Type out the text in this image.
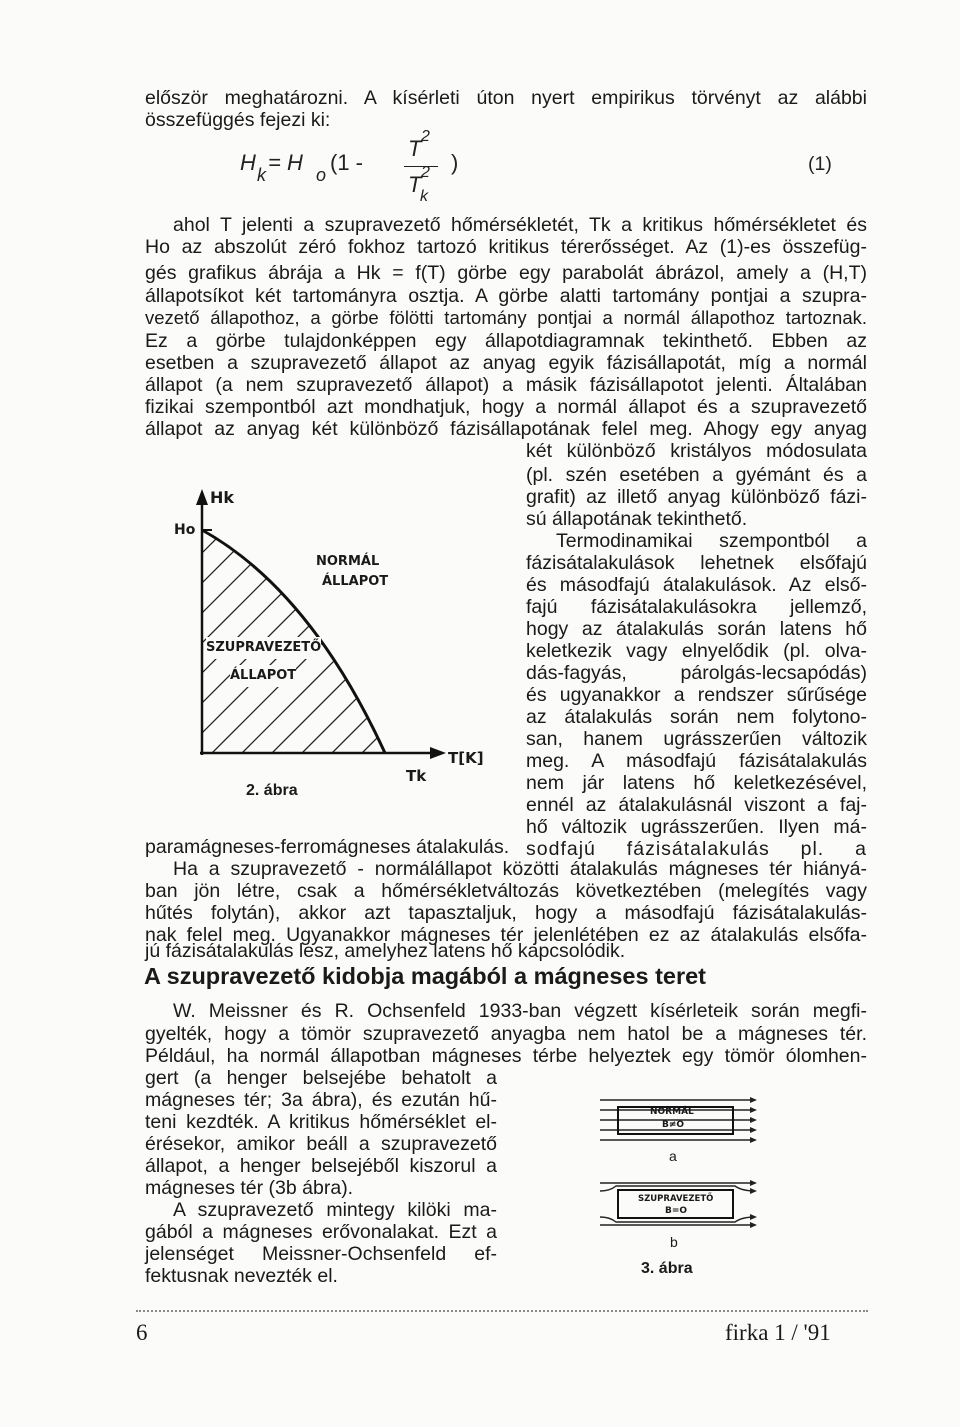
először meghatározni. A kísérleti úton nyert empirikus törvényt az alábbi
összefüggés fejezi ki:
H k = H o (1 -
T 2
T 2
k
)	(1)
ahol T jelenti a szupravezető hőmérsékletét, Tk a kritikus hőmérsékletet és
Ho az abszolút zéró fokhoz tartozó kritikus térerősséget. Az (1)-es összefüg-
gés grafikus ábrája a Hk = f(T) görbe egy parabolát ábrázol, amely a (H,T)
állapotsíkot két tartományra osztja. A görbe alatti tartomány pontjai a szupra-
vezető állapothoz, a görbe fölötti tartomány pontjai a normál állapothoz tartoznak.
Ez a görbe tulajdonképpen egy állapotdiagramnak tekinthető. Ebben az
esetben a szupravezető állapot az anyag egyik fázisállapotát, míg a normál
állapot (a nem szupravezető állapot) a másik fázisállapotot jelenti. Általában
fizikai szempontból azt mondhatjuk, hogy a normál állapot és a szupravezető
állapot az anyag két különböző fázisállapotának felel meg. Ahogy egy anyag
két különböző kristályos módosulata
(pl. szén esetében a gyémánt és a
grafit) az illető anyag különböző fázi-
sú állapotának tekinthető.
Termodinamikai szempontból a
fázisátalakulások lehetnek elsőfajú
és másodfajú átalakulások. Az első-
fajú fázisátalakulásokra jellemző,
hogy az átalakulás során latens hő
keletkezik vagy elnyelődik (pl. olva-
dás-fagyás, párolgás-lecsapódás)
és ugyanakkor a rendszer sűrűsége
az átalakulás során nem folytono-
san, hanem ugrásszerűen változik
meg. A másodfajú fázisátalakulás
nem jár latens hő keletkezésével,
ennél az átalakulásnál viszont a faj-
hő változik ugrásszerűen. Ilyen má-
sodfajú fázisátalakulás pl. a
Hk
Ho
NORMÁL
ÁLLAPOT
SZUPRAVEZETŐ
ÁLLAPOT
T[K]
Tk
2. ábra
paramágneses-ferromágneses átalakulás.
Ha a szupravezető - normálállapot közötti átalakulás mágneses tér hiányá-
ban jön létre, csak a hőmérsékletváltozás következtében (melegítés vagy
hűtés folytán), akkor azt tapasztaljuk, hogy a másodfajú fázisátalakulás-
nak felel meg. Ugyanakkor mágneses tér jelenlétében ez az átalakulás elsőfa-
jú fázisátalakulás lesz, amelyhez latens hő kapcsolódik.
A szupravezető kidobja magából a mágneses teret
W. Meissner és R. Ochsenfeld 1933-ban végzett kísérleteik során megfi-
gyelték, hogy a tömör szupravezető anyagba nem hatol be a mágneses tér.
Például, ha normál állapotban mágneses térbe helyeztek egy tömör ólomhen-
gert (a henger belsejébe behatolt a
mágneses tér; 3a ábra), és ezután hű-
teni kezdték. A kritikus hőmérséklet el-
érésekor, amikor beáll a szupravezető
állapot, a henger belsejéből kiszorul a
mágneses tér (3b ábra).
A szupravezető mintegy kilöki ma-
gából a mágneses erővonalakat. Ezt a
jelenséget Meissner-Ochsenfeld ef-
fektusnak nevezték el.
NORMÁL
B≠O
a
SZUPRAVEZETŐ
B=O
b
3. ábra
6	firka 1 / '91
